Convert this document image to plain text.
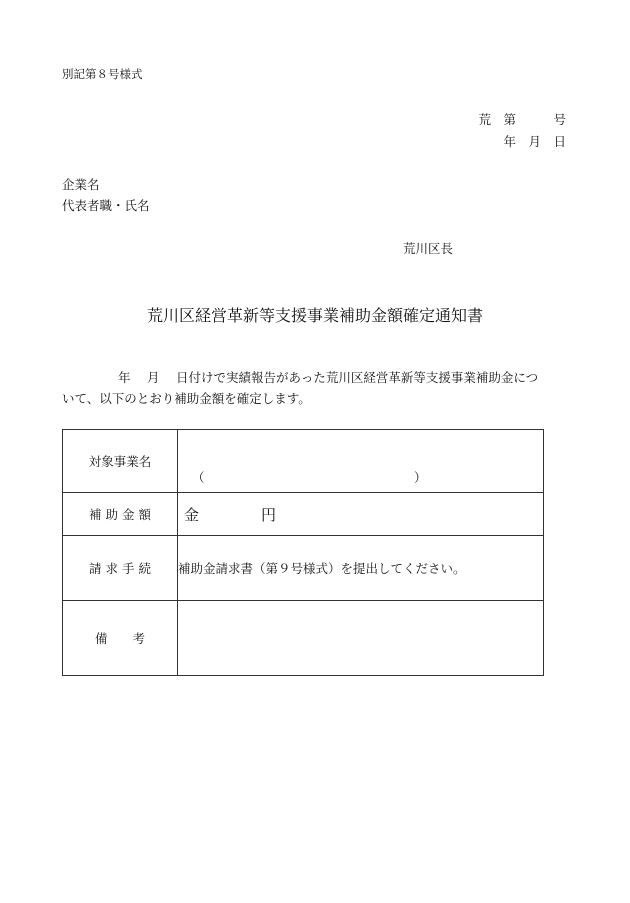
別記第８号様式
荒　第　　　号
年　月　日
企業名
代表者職・氏名
荒川区長
荒川区経営革新等支援事業補助金額確定通知書
年　 月　 日付けで実績報告があった荒川区経営革新等支援事業補助金につ
いて、以下のとおり補助金額を確定します。
対象事業名	（ ）

補 助 金 額	金 円
請 求 手 続	補助金請求書（第９号様式）を提出してください。
備　　考	
